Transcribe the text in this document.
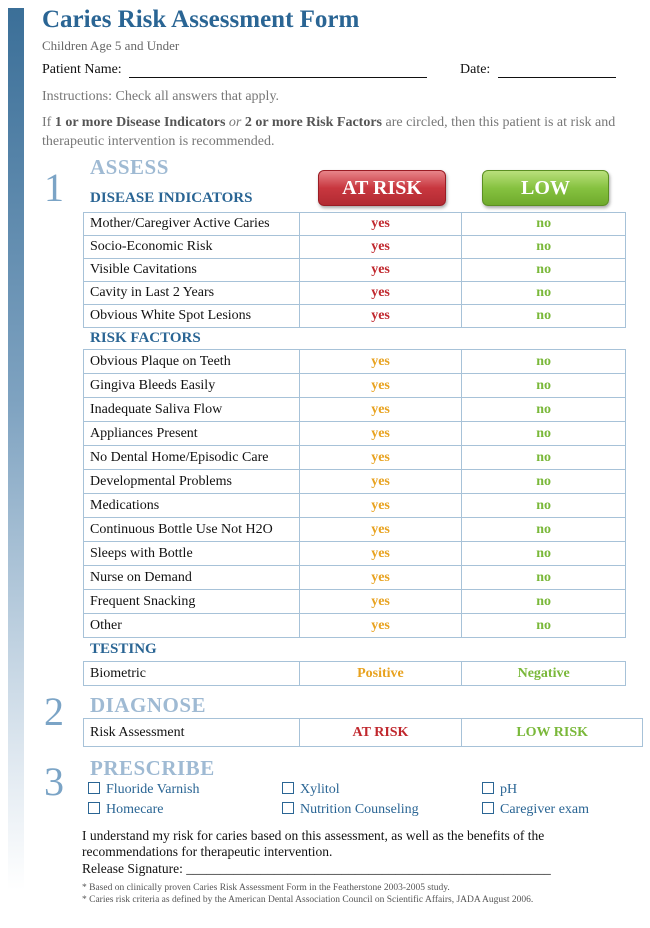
Caries Risk Assessment Form
Children Age 5 and Under
Patient Name:	Date:
Instructions: Check all answers that apply.
If 1 or more Disease Indicators or 2 or more Risk Factors are circled, then this patient is at risk and therapeutic intervention is recommended.
1 ASSESS
DISEASE INDICATORS	AT RISK	LOW
Mother/Caregiver Active Caries	yes	no
Socio-Economic Risk	yes	no
Visible Cavitations	yes	no
Cavity in Last 2 Years	yes	no
Obvious White Spot Lesions	yes	no
RISK FACTORS
Obvious Plaque on Teeth	yes	no
Gingiva Bleeds Easily	yes	no
Inadequate Saliva Flow	yes	no
Appliances Present	yes	no
No Dental Home/Episodic Care	yes	no
Developmental Problems	yes	no
Medications	yes	no
Continuous Bottle Use Not H2O	yes	no
Sleeps with Bottle	yes	no
Nurse on Demand	yes	no
Frequent Snacking	yes	no
Other	yes	no
TESTING
Biometric	Positive	Negative
2 DIAGNOSE
Risk Assessment	AT RISK	LOW RISK
3 PRESCRIBE
Fluoride Varnish	Xylitol	pH
Homecare	Nutrition Counseling	Caregiver exam
I understand my risk for caries based on this assessment, as well as the benefits of the recommendations for therapeutic intervention.
Release Signature: ______________________________________________________
* Based on clinically proven Caries Risk Assessment Form in the Featherstone 2003-2005 study.
* Caries risk criteria as defined by the American Dental Association Council on Scientific Affairs, JADA August 2006.
